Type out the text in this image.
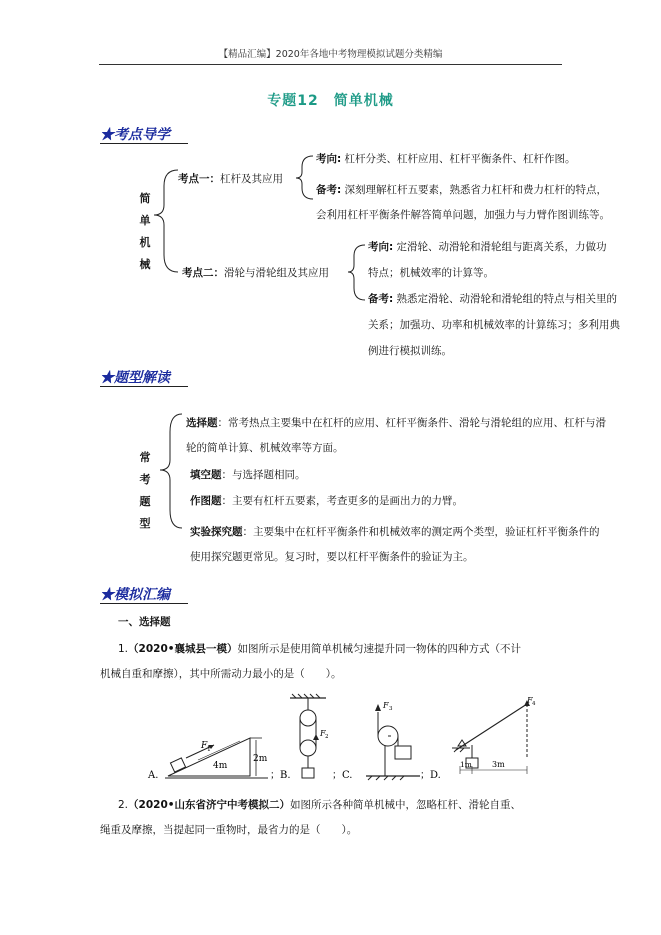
【精品汇编】2020年各地中考物理模拟试题分类精编
专题12　简单机械
★考点导学
简
单
机
械
考点一：杠杆及其应用
考向: 杠杆分类、杠杆应用、杠杆平衡条件、杠杆作图。
备考: 深刻理解杠杆五要素，熟悉省力杠杆和费力杠杆的特点，
会利用杠杆平衡条件解答简单问题，加强力与力臂作图训练等。
考点二：滑轮与滑轮组及其应用
考向: 定滑轮、动滑轮和滑轮组与距离关系，力做功
特点；机械效率的计算等。
备考: 熟悉定滑轮、动滑轮和滑轮组的特点与相关里的
关系；加强功、功率和机械效率的计算练习；多利用典
例进行模拟训练。
★题型解读
常
考
题
型
选择题：常考热点主要集中在杠杆的应用、杠杆平衡条件、滑轮与滑轮组的应用、杠杆与滑
轮的简单计算、机械效率等方面。
填空题：与选择题相同。
作图题：主要有杠杆五要素，考查更多的是画出力的力臂。
实验探究题：主要集中在杠杆平衡条件和机械效率的测定两个类型，验证杠杆平衡条件的
使用探究题更常见。复习时，要以杠杆平衡条件的验证为主。
★模拟汇编
一、选择题
1.（2020•襄城县一模）如图所示是使用简单机械匀速提升同一物体的四种方式（不计
机械自重和摩擦），其中所需动力最小的是（　　）。
F 1
4m
2m
F 2
F 3
F 4
1m	3m
A.	；B.	；C.	；D.
2.（2020•山东省济宁中考模拟二）如图所示各种简单机械中，忽略杠杆、滑轮自重、
绳重及摩擦，当提起同一重物时，最省力的是（　　）。
